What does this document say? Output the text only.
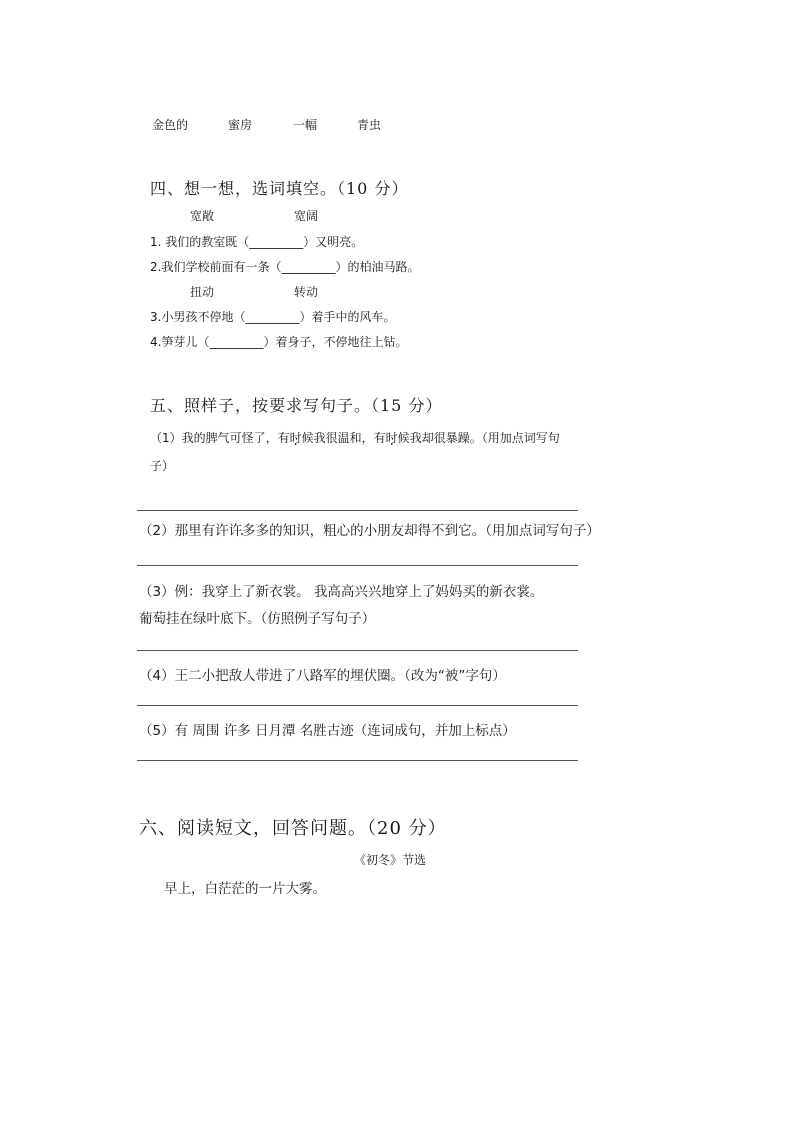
金色的	蜜房	一幅	青虫
四、想一想，选词填空。（10 分）
宽敞	宽阔
1. 我们的教室既（_________）又明亮。
2.我们学校前面有一条（_________）的柏油马路。
扭动	转动
3.小男孩不停地（_________）着手中的风车。
4.笋芽儿（_________）着身子，不停地往上钻。
五、照样子，按要求写句子。（15 分）
（1）我的脾气可怪了，有时候我很温和，有时候我却很暴躁。（用加点词写句
子）
（2）那里有许许多多的知识，粗心的小朋友却得不到它。（用加点词写句子）
（3）例：我穿上了新衣裳。 我高高兴兴地穿上了妈妈买的新衣裳。
葡萄挂在绿叶底下。（仿照例子写句子）
（4）王二小把敌人带进了八路军的埋伏圈。（改为“被”字句）
（5）有 周围 许多 日月潭 名胜古迹（连词成句，并加上标点）
六、阅读短文，回答问题。（20 分）
《初冬》节选
早上，白茫茫的一片大雾。
